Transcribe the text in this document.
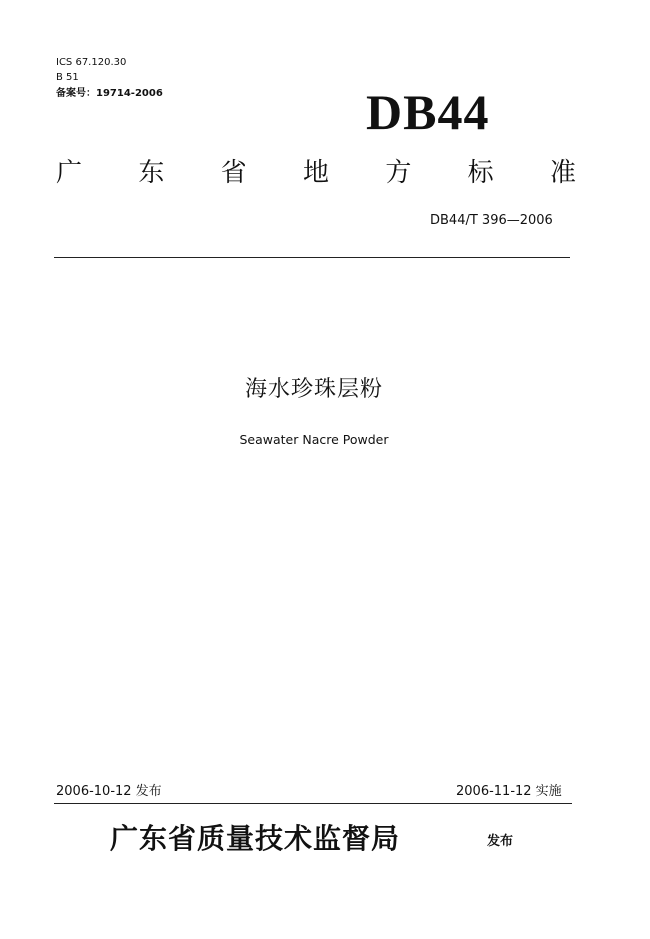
ICS 67.120.30
B 51
备案号：19714-2006	DB44
广 东 省 地 方 标 准
DB44/T 396—2006
海水珍珠层粉
Seawater Nacre Powder
2006-10-12 发布	2006-11-12 实施
广东省质量技术监督局	发布
